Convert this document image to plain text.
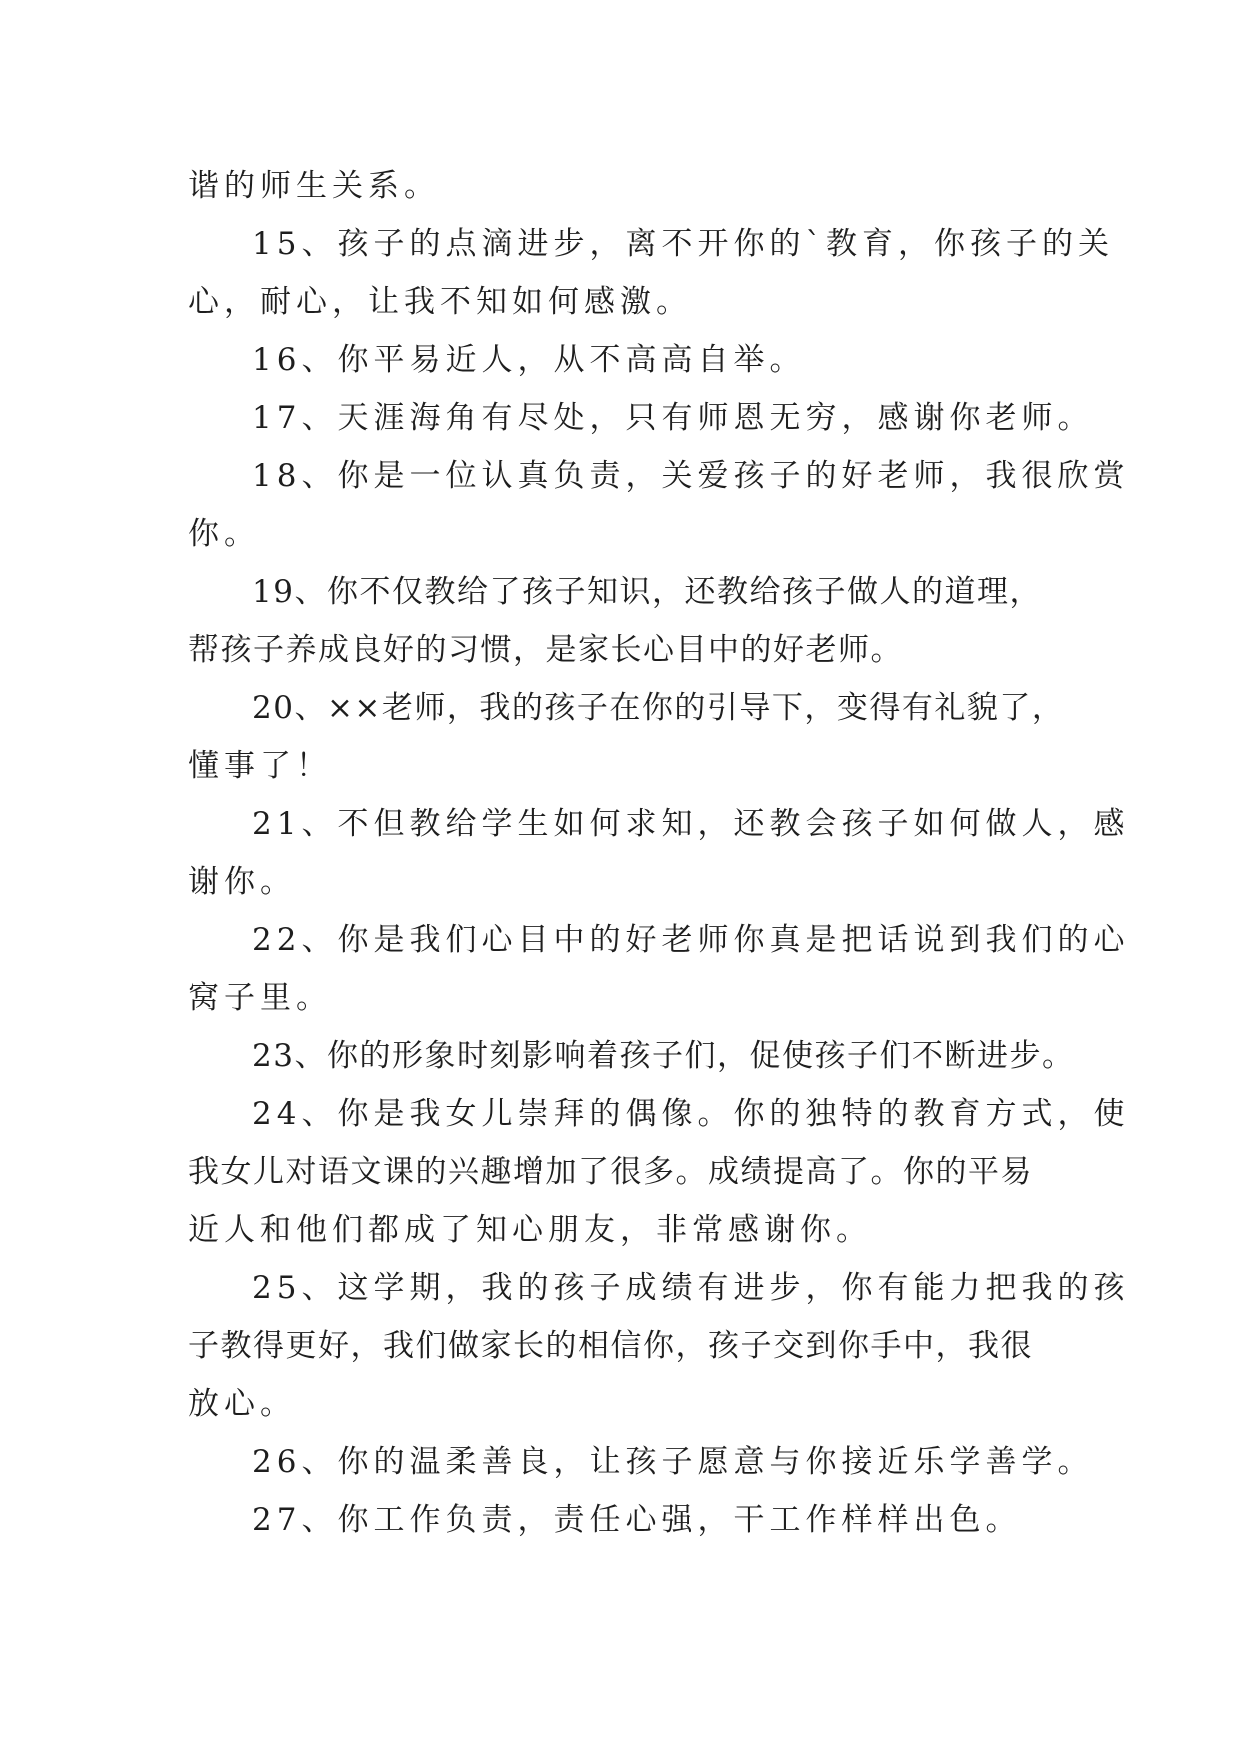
谐的师生关系。
15、孩子的点滴进步，离不开你的`教育，你孩子的关
心，耐心，让我不知如何感激。
16、你平易近人，从不高高自举。
17、天涯海角有尽处，只有师恩无穷，感谢你老师。
18、你是一位认真负责，关爱孩子的好老师，我很欣赏
你。
19、你不仅教给了孩子知识，还教给孩子做人的道理，
帮孩子养成良好的习惯，是家长心目中的好老师。
20、××老师，我的孩子在你的引导下，变得有礼貌了，
懂事了！
21、不但教给学生如何求知，还教会孩子如何做人，感
谢你。
22、你是我们心目中的好老师你真是把话说到我们的心
窝子里。
23、你的形象时刻影响着孩子们，促使孩子们不断进步。
24、你是我女儿崇拜的偶像。你的独特的教育方式，使
我女儿对语文课的兴趣增加了很多。成绩提高了。你的平易
近人和他们都成了知心朋友，非常感谢你。
25、这学期，我的孩子成绩有进步，你有能力把我的孩
子教得更好，我们做家长的相信你，孩子交到你手中，我很
放心。
26、你的温柔善良，让孩子愿意与你接近乐学善学。
27、你工作负责，责任心强，干工作样样出色。
